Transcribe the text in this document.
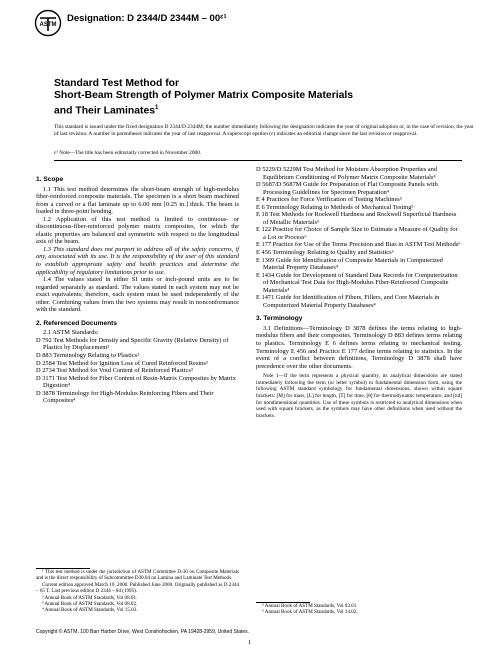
ASTM
Designation: D 2344/D 2344M – 00ᵋ¹
Standard Test Method for
Short-Beam Strength of Polymer Matrix Composite Materials
and Their Laminates$^1$
This standard is issued under the fixed designation D 2344/D 2344M; the number immediately following the designation indicates the year of original adoption or, in the case of revision, the year of last revision. A number in parentheses indicates the year of last reapproval. A superscript epsilon (ε) indicates an editorial change since the last revision or reapproval.
ε¹ Note—The title has been editorially corrected in November 2000.

1. Scope

1.1 This test method determines the short-beam strength of high-modulus fiber-reinforced composite materials. The specimen is a short beam machined from a curved or a flat laminate up to 6.00 mm [0.25 in.] thick. The beam is loaded in three-point bending.

1.2 Application of this test method is limited to continuous- or discontinuous-fiber-reinforced polymer matrix composites, for which the elastic properties are balanced and symmetric with respect to the longitudinal axis of the beam.

1.3 This standard does not purport to address all of the safety concerns, if any, associated with its use. It is the responsibility of the user of this standard to establish appropriate safety and health practices and determine the applicability of regulatory limitations prior to use.

1.4 The values stated in either SI units or inch-pound units are to be regarded separately as standard. The values stated in each system may not be exact equivalents; therefore, each system must be used independently of the other. Combining values from the two systems may result in nonconformance with the standard.

2. Referenced Documents

2.1 ASTM Standards:

D 792 Test Methods for Density and Specific Gravity (Relative Density) of Plastics by Displacement²

D 883 Terminology Relating to Plastics²

D 2584 Test Method for Ignition Loss of Cured Reinforced Resins³

D 2734 Test Method for Void Content of Reinforced Plastics³

D 3171 Test Method for Fiber Content of Resin-Matrix Composites by Matrix Digestion⁴

D 3878 Terminology for High-Modulus Reinforcing Fibers and Their Composites⁴

D 5229/D 5229M Test Method for Moisture Absorption Properties and Equilibrium Conditioning of Polymer Matrix Composite Materials⁴

D 5687/D 5687M Guide for Preparation of Flat Composite Panels with Processing Guidelines for Specimen Preparation⁴

E 4 Practices for Force Verification of Testing Machines⁵

E 6 Terminology Relating to Methods of Mechanical Testing⁵

E 18 Test Methods for Rockwell Hardness and Rockwell Superficial Hardness of Metallic Materials⁵

E 122 Practice for Choice of Sample Size to Estimate a Measure of Quality for a Lot or Process⁶

E 177 Practice for Use of the Terms Precision and Bias in ASTM Test Methods⁶

E 456 Terminology Relating to Quality and Statistics⁶

E 1309 Guide for Identification of Composite Materials in Computerized Material Property Databases⁴

E 1434 Guide for Development of Standard Data Records for Computerization of Mechanical Test Data for High-Modulus Fiber-Reinforced Composite Materials⁴

E 1471 Guide for Identification of Fibers, Fillers, and Core Materials in Computerized Material Property Databases⁴

3. Terminology

3.1 Definitions—Terminology D 3878 defines the terms relating to high-modulus fibers and their composites. Terminology D 883 defines terms relating to plastics. Terminology E 6 defines terms relating to mechanical testing. Terminology E 456 and Practice E 177 define terms relating to statistics. In the event of a conflict between definitions, Terminology D 3878 shall have precedence over the other documents.

Note 1—If the term represents a physical quantity, its analytical dimensions are stated immediately following the term (or letter symbol) in fundamental dimension form, using the following ASTM standard symbology for fundamental dimensions, shown within square brackets: [M] for mass, [L] for length, [T] for time, [θ] for thermodynamic temperature, and [nd] for nondimensional quantities. Use of these symbols is restricted to analytical dimensions when used with square brackets, as the symbols may have other definitions when used without the brackets.

¹ This test method is under the jurisdiction of ASTM Committee D-30 on Composite Materials and is the direct responsibility of Subcommittee D30.04 on Lamina and Laminate Test Methods.

Current edition approved March 10, 2000. Published June 2000. Originally published as D 2344 – 65 T. Last previous edition D 2344 – 84 (1995).

² Annual Book of ASTM Standards, Vol 08.01.

³ Annual Book of ASTM Standards, Vol 08.02.

⁴ Annual Book of ASTM Standards, Vol 15.03.

⁵ Annual Book of ASTM Standards, Vol 03.01.

⁶ Annual Book of ASTM Standards, Vol 14.02.

Copyright © ASTM, 100 Barr Harbor Drive, West Conshohocken, PA 19428-2959, United States.
1
